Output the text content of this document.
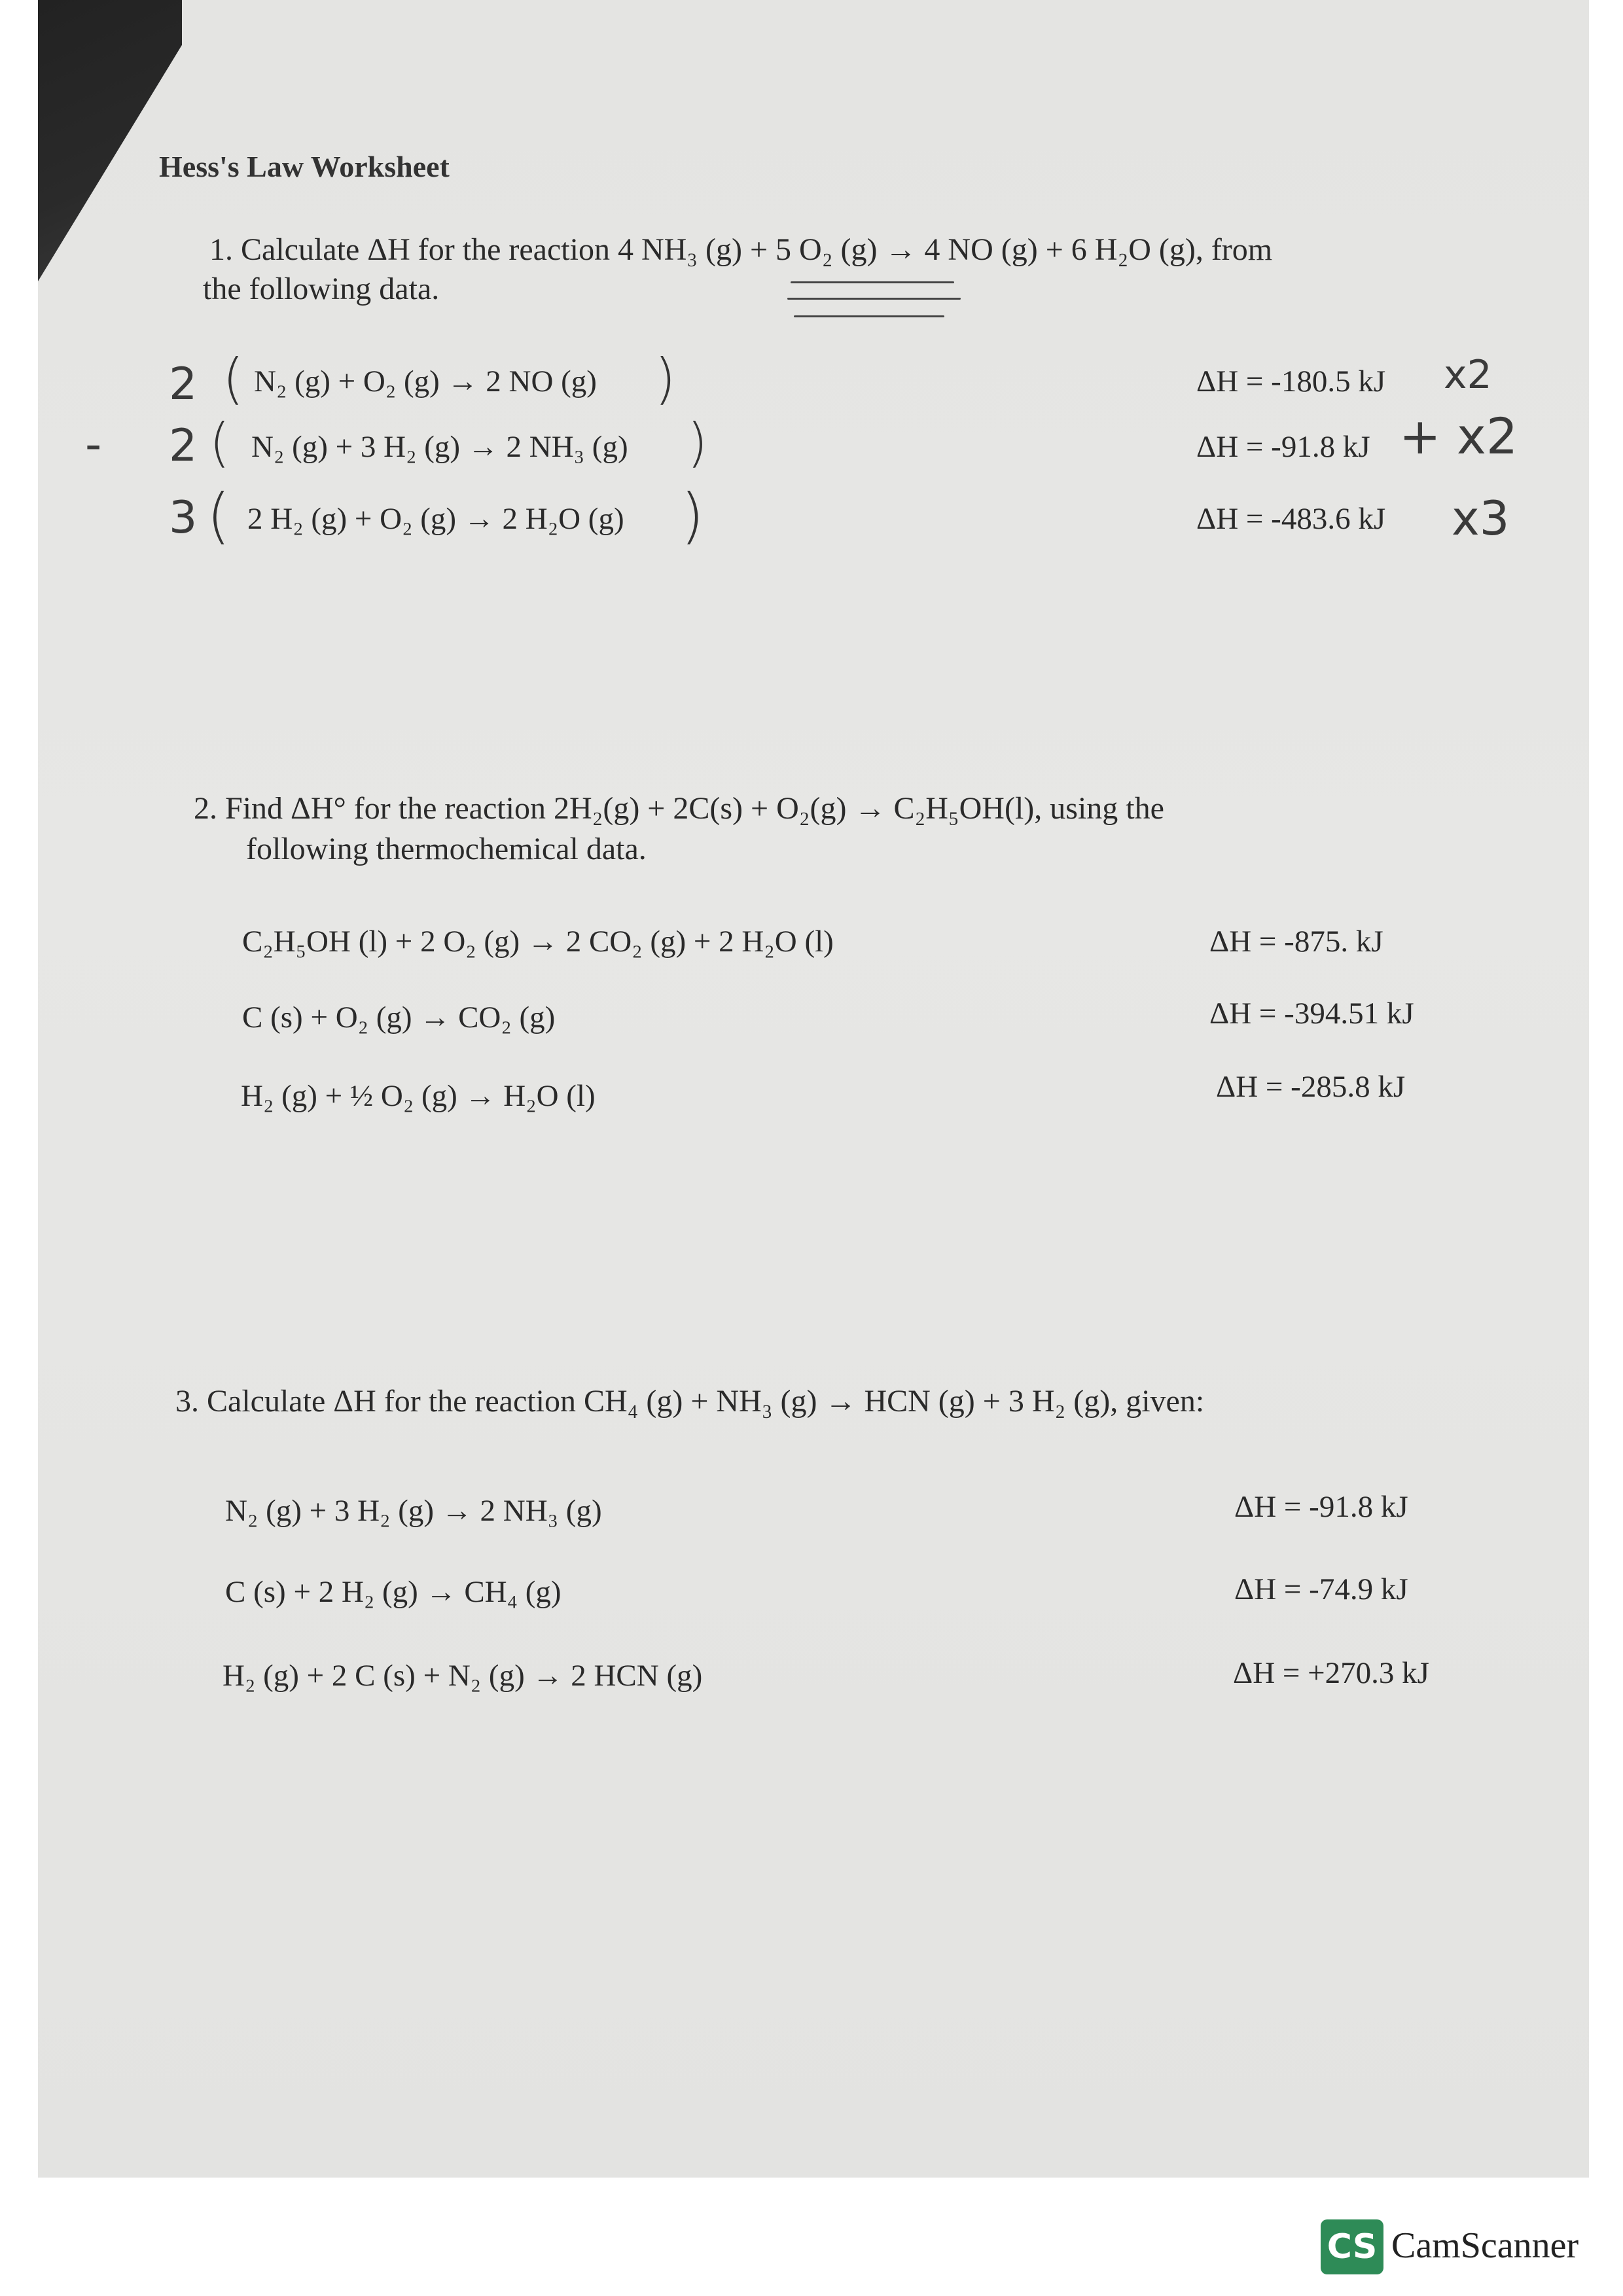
Hess's Law Worksheet
1. Calculate ΔH for the reaction 4 NH₃ (g) + 5 O₂ (g) → 4 NO (g) + 6 H₂O (g), from
the following data.
-
2 ( N₂ (g) + O₂ (g) → 2 NO (g) )	ΔH = -180.5 kJ x2
2 ( N₂ (g) + 3 H₂ (g) → 2 NH₃ (g) )	ΔH = -91.8 kJ + x2
3 ( 2 H₂ (g) + O₂ (g) → 2 H₂O (g) )	ΔH = -483.6 kJ x3
2. Find ΔH° for the reaction 2H₂(g) + 2C(s) + O₂(g) → C₂H₅OH(l), using the
following thermochemical data.
C₂H₅OH (l) + 2 O₂ (g) → 2 CO₂ (g) + 2 H₂O (l)	ΔH = -875. kJ
C (s) + O₂ (g) → CO₂ (g)	ΔH = -394.51 kJ
H₂ (g) + ½ O₂ (g) → H₂O (l)	ΔH = -285.8 kJ
3. Calculate ΔH for the reaction CH₄ (g) + NH₃ (g) → HCN (g) + 3 H₂ (g), given:
N₂ (g) + 3 H₂ (g) → 2 NH₃ (g)	ΔH = -91.8 kJ
C (s) + 2 H₂ (g) → CH₄ (g)	ΔH = -74.9 kJ
H₂ (g) + 2 C (s) + N₂ (g) → 2 HCN (g)	ΔH = +270.3 kJ
CS CamScanner
